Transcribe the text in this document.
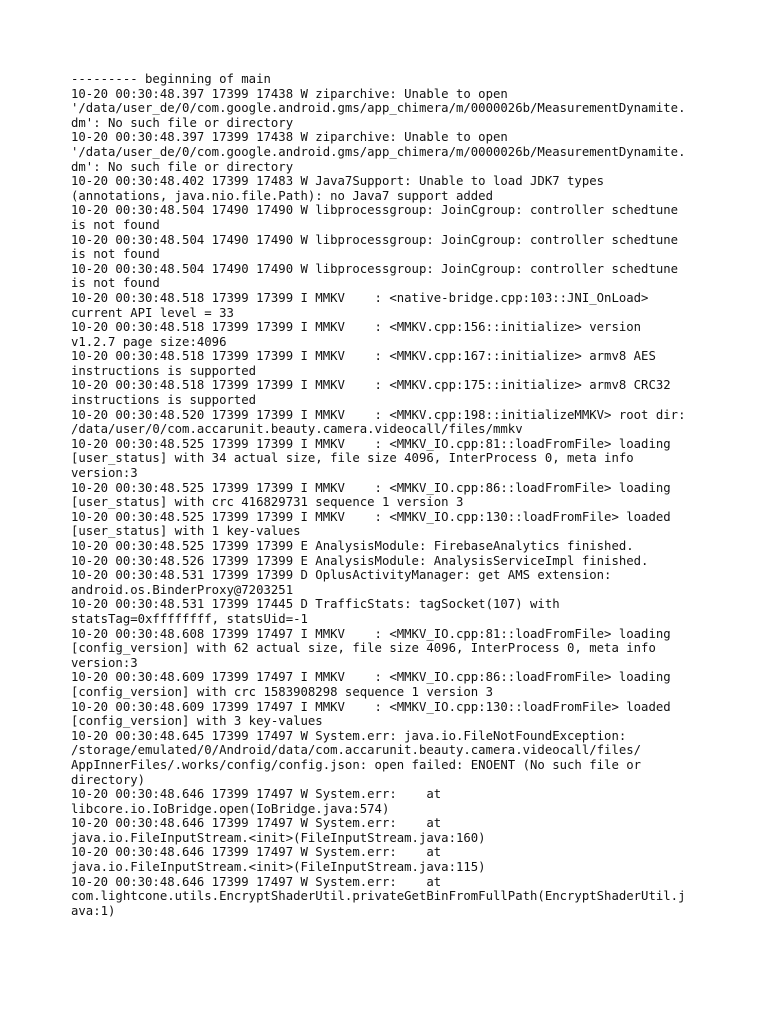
--------- beginning of main
10-20 00:30:48.397 17399 17438 W ziparchive: Unable to open
'/data/user_de/0/com.google.android.gms/app_chimera/m/0000026b/MeasurementDynamite.
dm': No such file or directory
10-20 00:30:48.397 17399 17438 W ziparchive: Unable to open
'/data/user_de/0/com.google.android.gms/app_chimera/m/0000026b/MeasurementDynamite.
dm': No such file or directory
10-20 00:30:48.402 17399 17483 W Java7Support: Unable to load JDK7 types
(annotations, java.nio.file.Path): no Java7 support added
10-20 00:30:48.504 17490 17490 W libprocessgroup: JoinCgroup: controller schedtune
is not found
10-20 00:30:48.504 17490 17490 W libprocessgroup: JoinCgroup: controller schedtune
is not found
10-20 00:30:48.504 17490 17490 W libprocessgroup: JoinCgroup: controller schedtune
is not found
10-20 00:30:48.518 17399 17399 I MMKV    : <native-bridge.cpp:103::JNI_OnLoad>
current API level = 33
10-20 00:30:48.518 17399 17399 I MMKV    : <MMKV.cpp:156::initialize> version
v1.2.7 page size:4096
10-20 00:30:48.518 17399 17399 I MMKV    : <MMKV.cpp:167::initialize> armv8 AES
instructions is supported
10-20 00:30:48.518 17399 17399 I MMKV    : <MMKV.cpp:175::initialize> armv8 CRC32
instructions is supported
10-20 00:30:48.520 17399 17399 I MMKV    : <MMKV.cpp:198::initializeMMKV> root dir:
/data/user/0/com.accarunit.beauty.camera.videocall/files/mmkv
10-20 00:30:48.525 17399 17399 I MMKV    : <MMKV_IO.cpp:81::loadFromFile> loading
[user_status] with 34 actual size, file size 4096, InterProcess 0, meta info
version:3
10-20 00:30:48.525 17399 17399 I MMKV    : <MMKV_IO.cpp:86::loadFromFile> loading
[user_status] with crc 416829731 sequence 1 version 3
10-20 00:30:48.525 17399 17399 I MMKV    : <MMKV_IO.cpp:130::loadFromFile> loaded
[user_status] with 1 key-values
10-20 00:30:48.525 17399 17399 E AnalysisModule: FirebaseAnalytics finished.
10-20 00:30:48.526 17399 17399 E AnalysisModule: AnalysisServiceImpl finished.
10-20 00:30:48.531 17399 17399 D OplusActivityManager: get AMS extension:
android.os.BinderProxy@7203251
10-20 00:30:48.531 17399 17445 D TrafficStats: tagSocket(107) with
statsTag=0xffffffff, statsUid=-1
10-20 00:30:48.608 17399 17497 I MMKV    : <MMKV_IO.cpp:81::loadFromFile> loading
[config_version] with 62 actual size, file size 4096, InterProcess 0, meta info
version:3
10-20 00:30:48.609 17399 17497 I MMKV    : <MMKV_IO.cpp:86::loadFromFile> loading
[config_version] with crc 1583908298 sequence 1 version 3
10-20 00:30:48.609 17399 17497 I MMKV    : <MMKV_IO.cpp:130::loadFromFile> loaded
[config_version] with 3 key-values
10-20 00:30:48.645 17399 17497 W System.err: java.io.FileNotFoundException:
/storage/emulated/0/Android/data/com.accarunit.beauty.camera.videocall/files/
AppInnerFiles/.works/config/config.json: open failed: ENOENT (No such file or
directory)
10-20 00:30:48.646 17399 17497 W System.err:    at
libcore.io.IoBridge.open(IoBridge.java:574)
10-20 00:30:48.646 17399 17497 W System.err:    at
java.io.FileInputStream.<init>(FileInputStream.java:160)
10-20 00:30:48.646 17399 17497 W System.err:    at
java.io.FileInputStream.<init>(FileInputStream.java:115)
10-20 00:30:48.646 17399 17497 W System.err:    at
com.lightcone.utils.EncryptShaderUtil.privateGetBinFromFullPath(EncryptShaderUtil.j
ava:1)
